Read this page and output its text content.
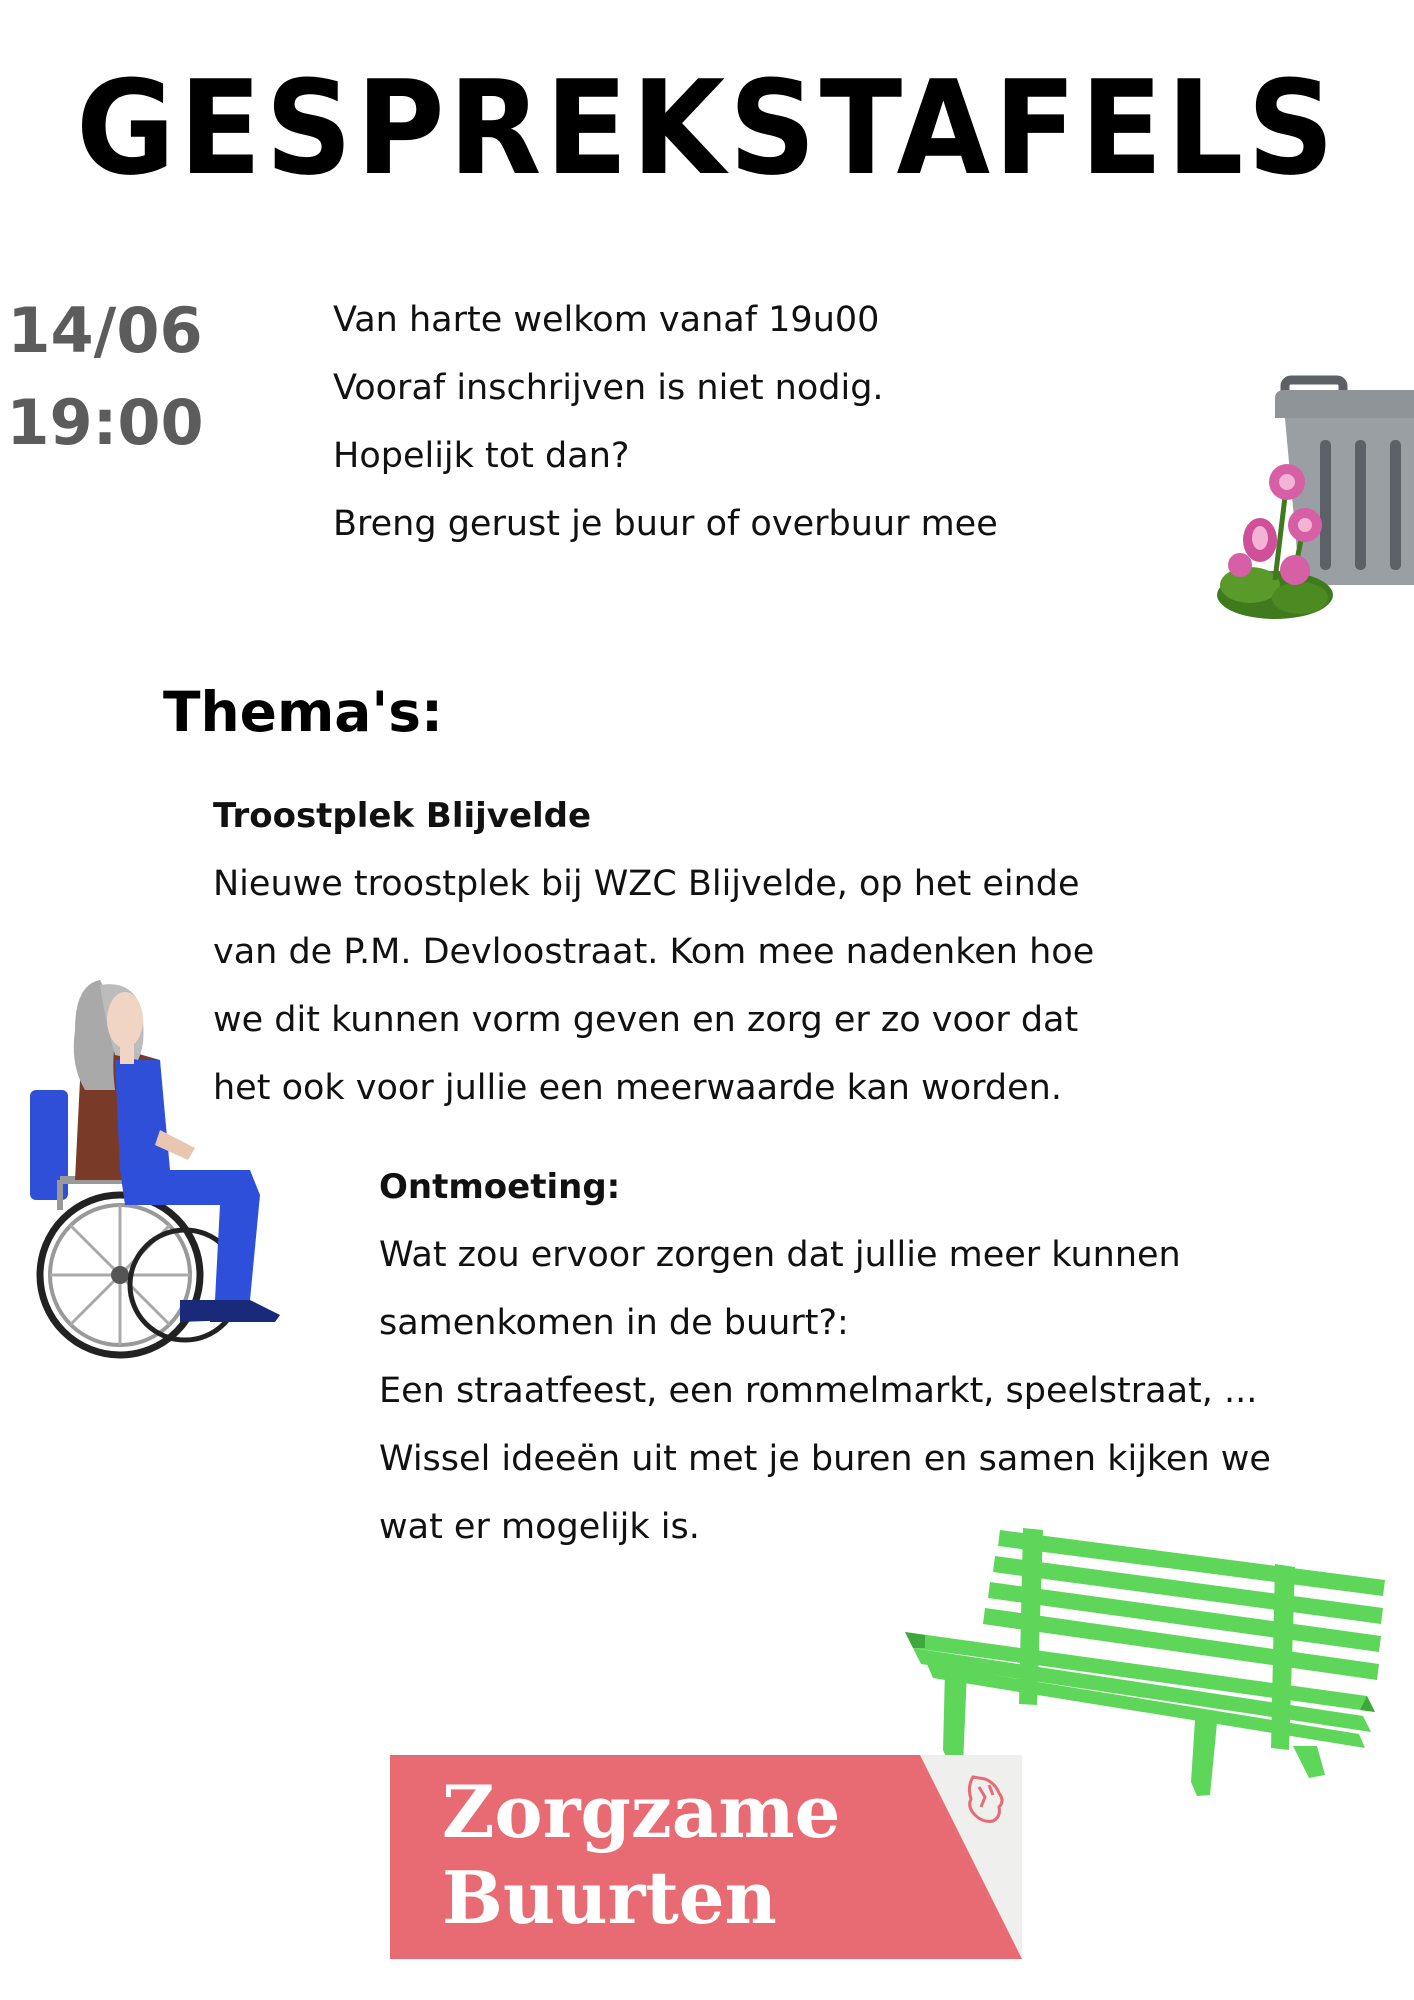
GESPREKSTAFELS
14/06
19:00
Van harte welkom vanaf 19u00
Vooraf inschrijven is niet nodig.
Hopelijk tot dan?
Breng gerust je buur of overbuur mee
Thema's:
Troostplek Blijvelde
Nieuwe troostplek bij WZC Blijvelde, op het einde
van de P.M. Devloostraat. Kom mee nadenken hoe
we dit kunnen vorm geven en zorg er zo voor dat
het ook voor jullie een meerwaarde kan worden.
Ontmoeting:
Wat zou ervoor zorgen dat jullie meer kunnen
samenkomen in de buurt?:
Een straatfeest, een rommelmarkt, speelstraat, ...
Wissel ideeën uit met je buren en samen kijken we
wat er mogelijk is.
Zorgzame
Buurten
